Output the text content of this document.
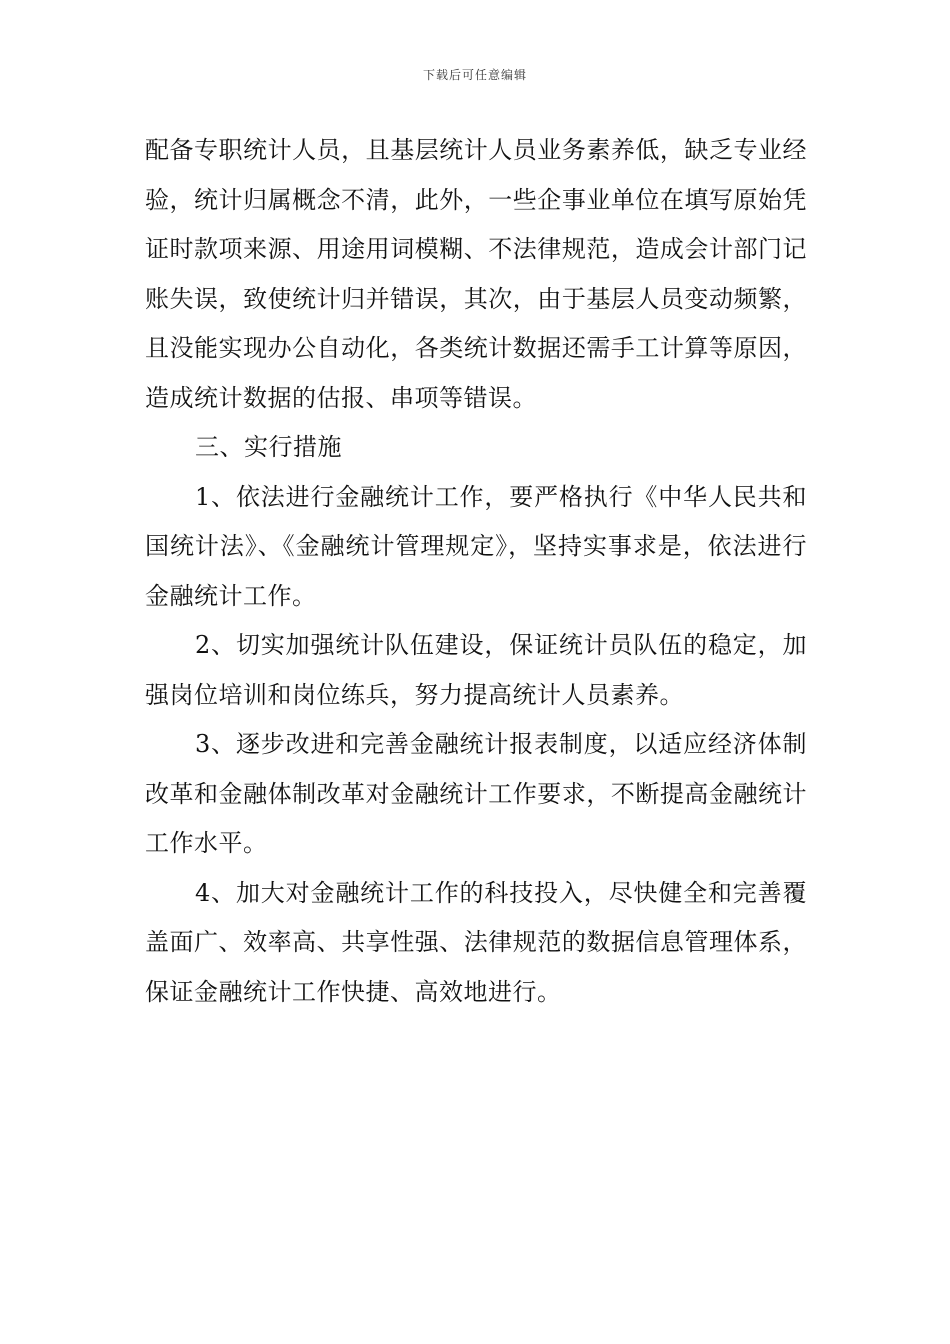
下载后可任意编辑

配备专职统计人员，且基层统计人员业务素养低，缺乏专业经验，统计归属概念不清，此外，一些企事业单位在填写原始凭证时款项来源、用途用词模糊、不法律规范，造成会计部门记账失误，致使统计归并错误，其次，由于基层人员变动频繁，且没能实现办公自动化，各类统计数据还需手工计算等原因，造成统计数据的估报、串项等错误。

三、实行措施

1、依法进行金融统计工作，要严格执行《中华人民共和国统计法》、《金融统计管理规定》，坚持实事求是，依法进行金融统计工作。

2、切实加强统计队伍建设，保证统计员队伍的稳定，加强岗位培训和岗位练兵，努力提高统计人员素养。

3、逐步改进和完善金融统计报表制度，以适应经济体制改革和金融体制改革对金融统计工作要求，不断提高金融统计工作水平。

4、加大对金融统计工作的科技投入，尽快健全和完善覆盖面广、效率高、共享性强、法律规范的数据信息管理体系，保证金融统计工作快捷、高效地进行。
